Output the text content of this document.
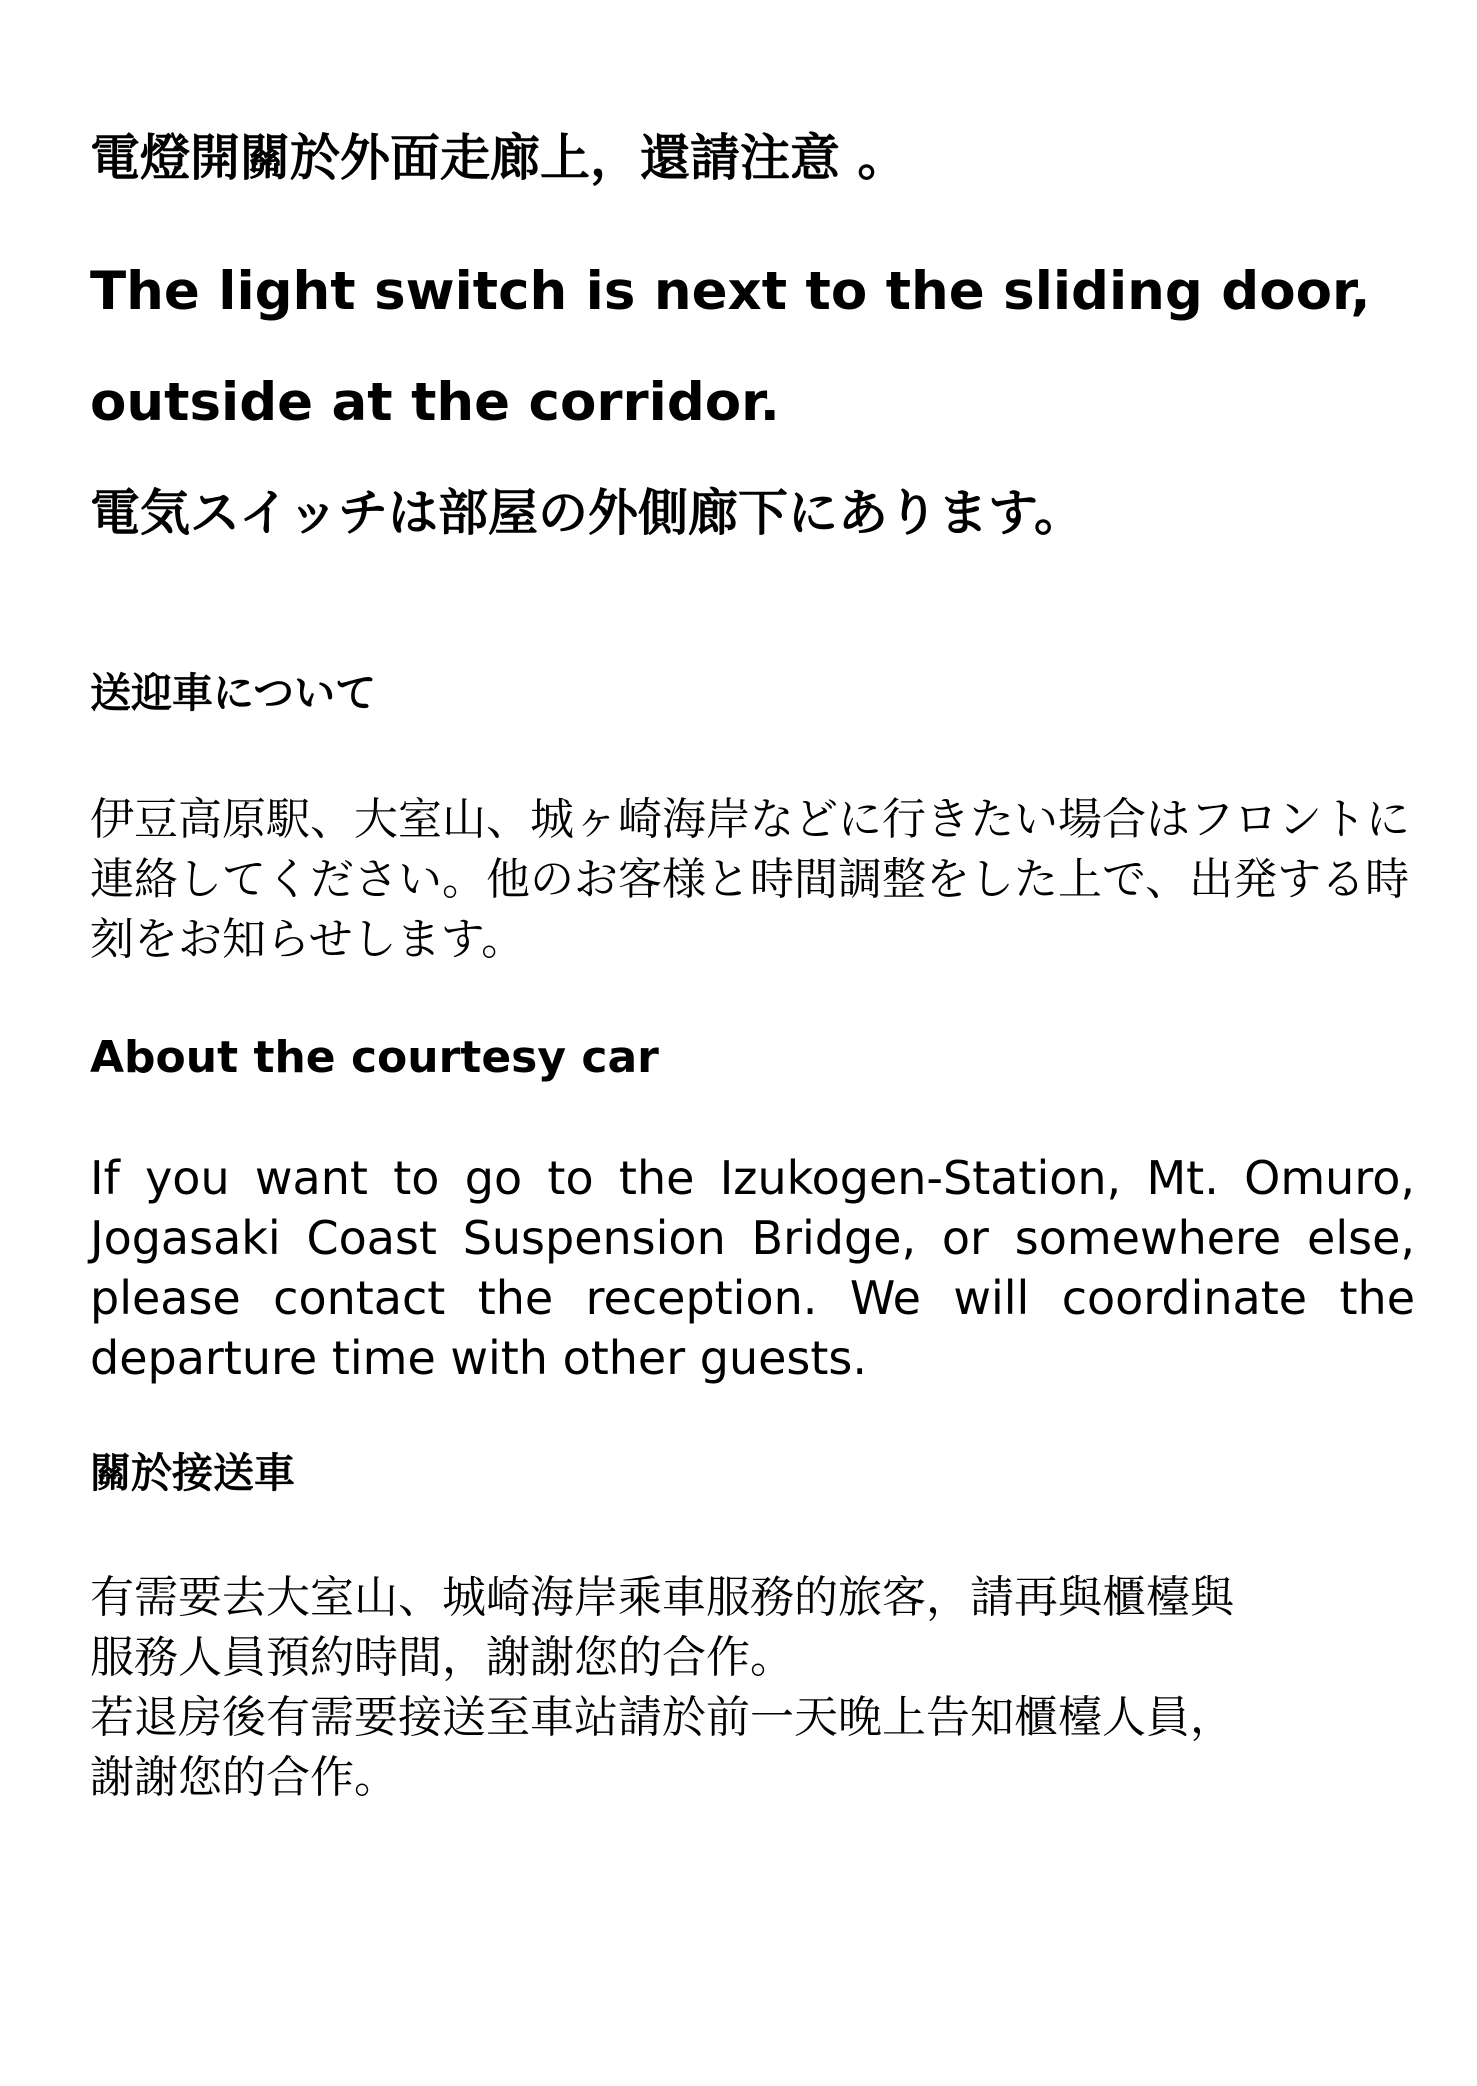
電燈開關於外面走廊上，還請注意 。
The light switch is next to the sliding door,
outside at the corridor.
電気スイッチは部屋の外側廊下にあります。
送迎車について
伊豆高原駅、大室山、城ヶ崎海岸などに行きたい場合はフロントに
連絡してください。他のお客様と時間調整をした上で、出発する時
刻をお知らせします。
About the courtesy car
If you want to go to the Izukogen-Station, Mt. Omuro, Jogasaki Coast Suspension Bridge, or somewhere else, please contact the reception. We will coordinate the departure time with other guests.
關於接送車
有需要去大室山、城崎海岸乘車服務的旅客，請再與櫃檯與
服務人員預約時間，謝謝您的合作。
若退房後有需要接送至車站請於前一天晚上告知櫃檯人員，
謝謝您的合作。
